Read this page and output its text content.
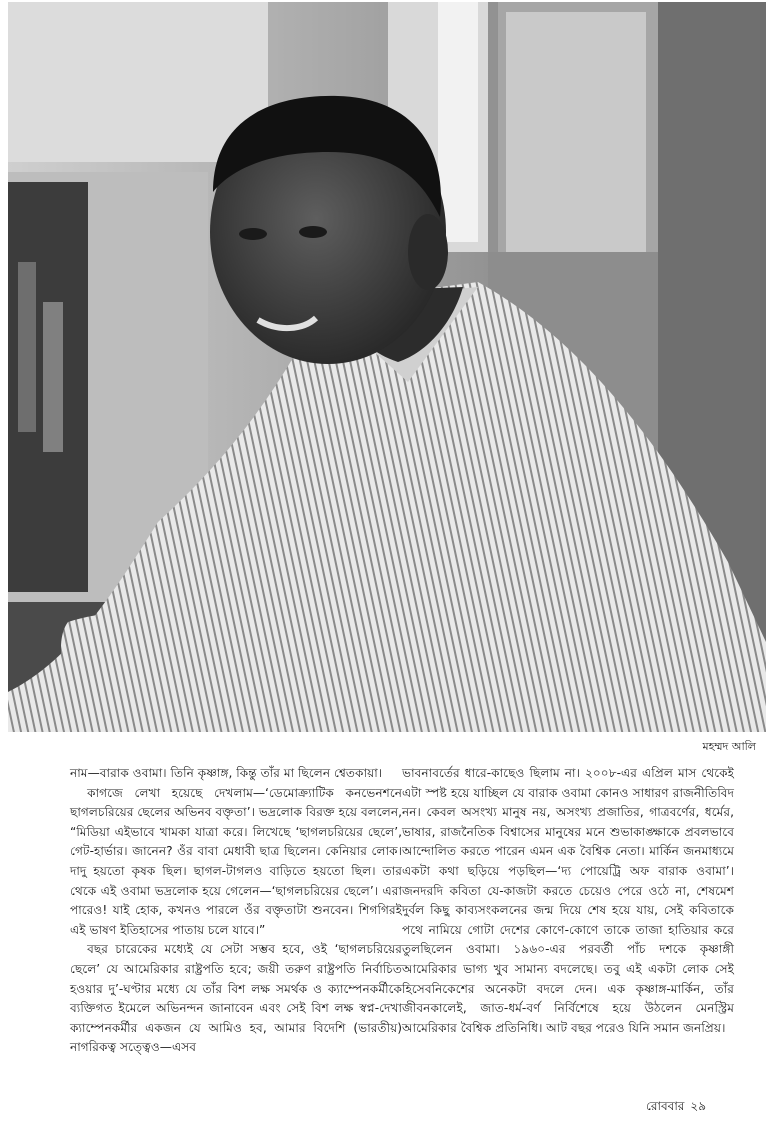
মহম্মদ আলি

নাম—বারাক ওবামা। তিনি কৃষ্ণাঙ্গ, কিন্তু তাঁর মা ছিলেন শ্বেতকায়া।

কাগজে লেখা হয়েছে দেখলাম—‘ডেমোক্র্যাটিক কনভেনশনে ছাগলচরিয়ের ছেলের অভিনব বক্তৃতা’। ভদ্রলোক বিরক্ত হয়ে বললেন, “মিডিয়া এইভাবে খামকা যাত্রা করে। লিখেছে ‘ছাগলচরিয়ের ছেলে’, গেট-হার্ভার। জানেন? ওঁর বাবা মেধাবী ছাত্র ছিলেন। কেনিয়ার লোক। দাদু হয়তো কৃষক ছিল। ছাগল-টাগলও বাড়িতে হয়তো ছিল। তার থেকে এই ওবামা ভদ্রলোক হয়ে গেলেন—‘ছাগলচরিয়ের ছেলে’। এরা পারেও! যাই হোক, কখনও পারলে ওঁর বক্তৃতাটা শুনবেন। শিগগিরই এই ভাষণ ইতিহাসের পাতায় চলে যাবে।”

বছর চারেকের মধ্যেই যে সেটা সম্ভব হবে, ওই ‘ছাগলচরিয়ের ছেলে’ যে আমেরিকার রাষ্ট্রপতি হবে; জয়ী তরুণ রাষ্ট্রপতি নির্বাচিত হওয়ার দু’-ঘণ্টার মধ্যে যে তাঁর বিশ লক্ষ সমর্থক ও ক্যাম্পেনকর্মীকে ব্যক্তিগত ইমেলে অভিনন্দন জানাবেন এবং সেই বিশ লক্ষ স্বপ্ন-দেখা ক্যাম্পেনকর্মীর একজন যে আমিও হব, আমার বিদেশি (ভারতীয়) নাগরিকত্ব সত্ত্বেও—এসব

ভাবনাবর্তের ধারে-কাছেও ছিলাম না। ২০০৮-এর এপ্রিল মাস থেকেই এটা স্পষ্ট হয়ে যাচ্ছিল যে বারাক ওবামা কোনও সাধারণ রাজনীতিবিদ নন। কেবল অসংখ্য মানুষ নয়, অসংখ্য প্রজাতির, গাত্রবর্ণের, ধর্মের, ভাষার, রাজনৈতিক বিশ্বাসের মানুষের মনে শুভাকাঙ্ক্ষাকে প্রবলভাবে আন্দোলিত করতে পারেন এমন এক বৈশ্বিক নেতা। মার্কিন জনমাধ্যমে একটা কথা ছড়িয়ে পড়ছিল—‘দ্য পোয়েট্রি অফ বারাক ওবামা’। জনদরদি কবিতা যে-কাজটা করতে চেয়েও পেরে ওঠে না, শেষমেশ দুর্বল কিছু কাব্যসংকলনের জন্ম দিয়ে শেষ হয়ে যায়, সেই কবিতাকে পথে নামিয়ে গোটা দেশের কোণে-কোণে তাকে তাজা হাতিয়ার করে তুলছিলেন ওবামা। ১৯৬০-এর পরবর্তী পাঁচ দশকে কৃষ্ণাঙ্গী আমেরিকার ভাগ্য খুব সামান্য বদলেছে। তবু এই একটা লোক সেই হিসেবনিকেশের অনেকটা বদলে দেন। এক কৃষ্ণাঙ্গ-মার্কিন, তাঁর জীবনকালেই, জাত-ধর্ম-বর্ণ নির্বিশেষে হয়ে উঠলেন মেনস্ট্রিম আমেরিকার বৈশ্বিক প্রতিনিধি। আট বছর পরেও যিনি সমান জনপ্রিয়।

রোববার ২৯
